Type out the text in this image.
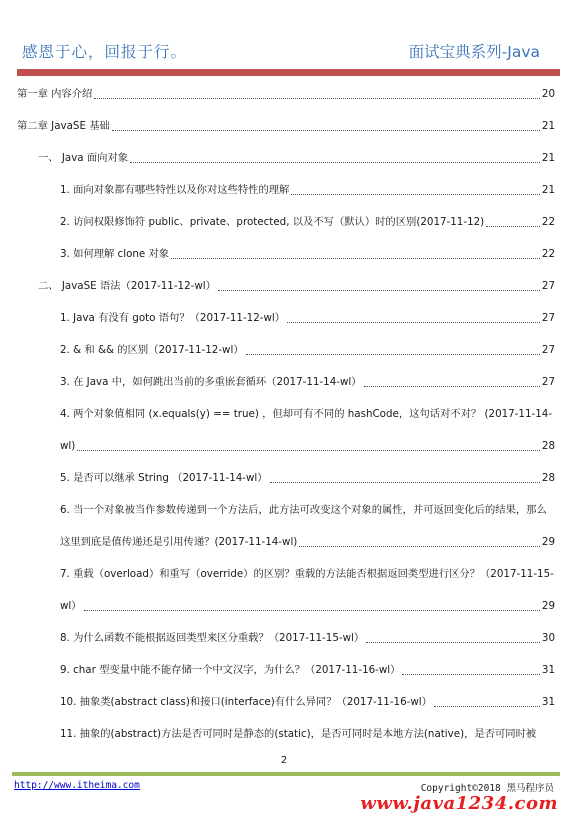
感恩于心，回报于行。	面试宝典系列-Java
第一章 内容介绍	20
第二章 JavaSE 基础	21
一、 Java 面向对象	21
1. 面向对象都有哪些特性以及你对这些特性的理解	21
2. 访问权限修饰符 public、private、protected, 以及不写（默认）时的区别(2017-11-12)	22
3. 如何理解 clone 对象	22
二、 JavaSE 语法（2017-11-12-wl）	27
1. Java 有没有 goto 语句？（2017-11-12-wl）	27
2. & 和 && 的区别（2017-11-12-wl）	27
3. 在 Java 中，如何跳出当前的多重嵌套循环（2017-11-14-wl）	27
4. 两个对象值相同 (x.equals(y) == true) ，但却可有不同的 hashCode，这句话对不对？ (2017-11-14-
wl)	28
5. 是否可以继承 String （2017-11-14-wl）	28
6. 当一个对象被当作参数传递到一个方法后，此方法可改变这个对象的属性，并可返回变化后的结果，那么
这里到底是值传递还是引用传递？(2017-11-14-wl)	29
7. 重载（overload）和重写（override）的区别？重载的方法能否根据返回类型进行区分？（2017-11-15-
wl）	29
8. 为什么函数不能根据返回类型来区分重载？（2017-11-15-wl）	30
9. char 型变量中能不能存储一个中文汉字，为什么？（2017-11-16-wl）	31
10. 抽象类(abstract class)和接口(interface)有什么异同？（2017-11-16-wl）	31
11. 抽象的(abstract)方法是否可同时是静态的(static)，是否可同时是本地方法(native)，是否可同时被
2
http://www.itheima.com	Copyright©2018 黑马程序员
www.java1234.com
